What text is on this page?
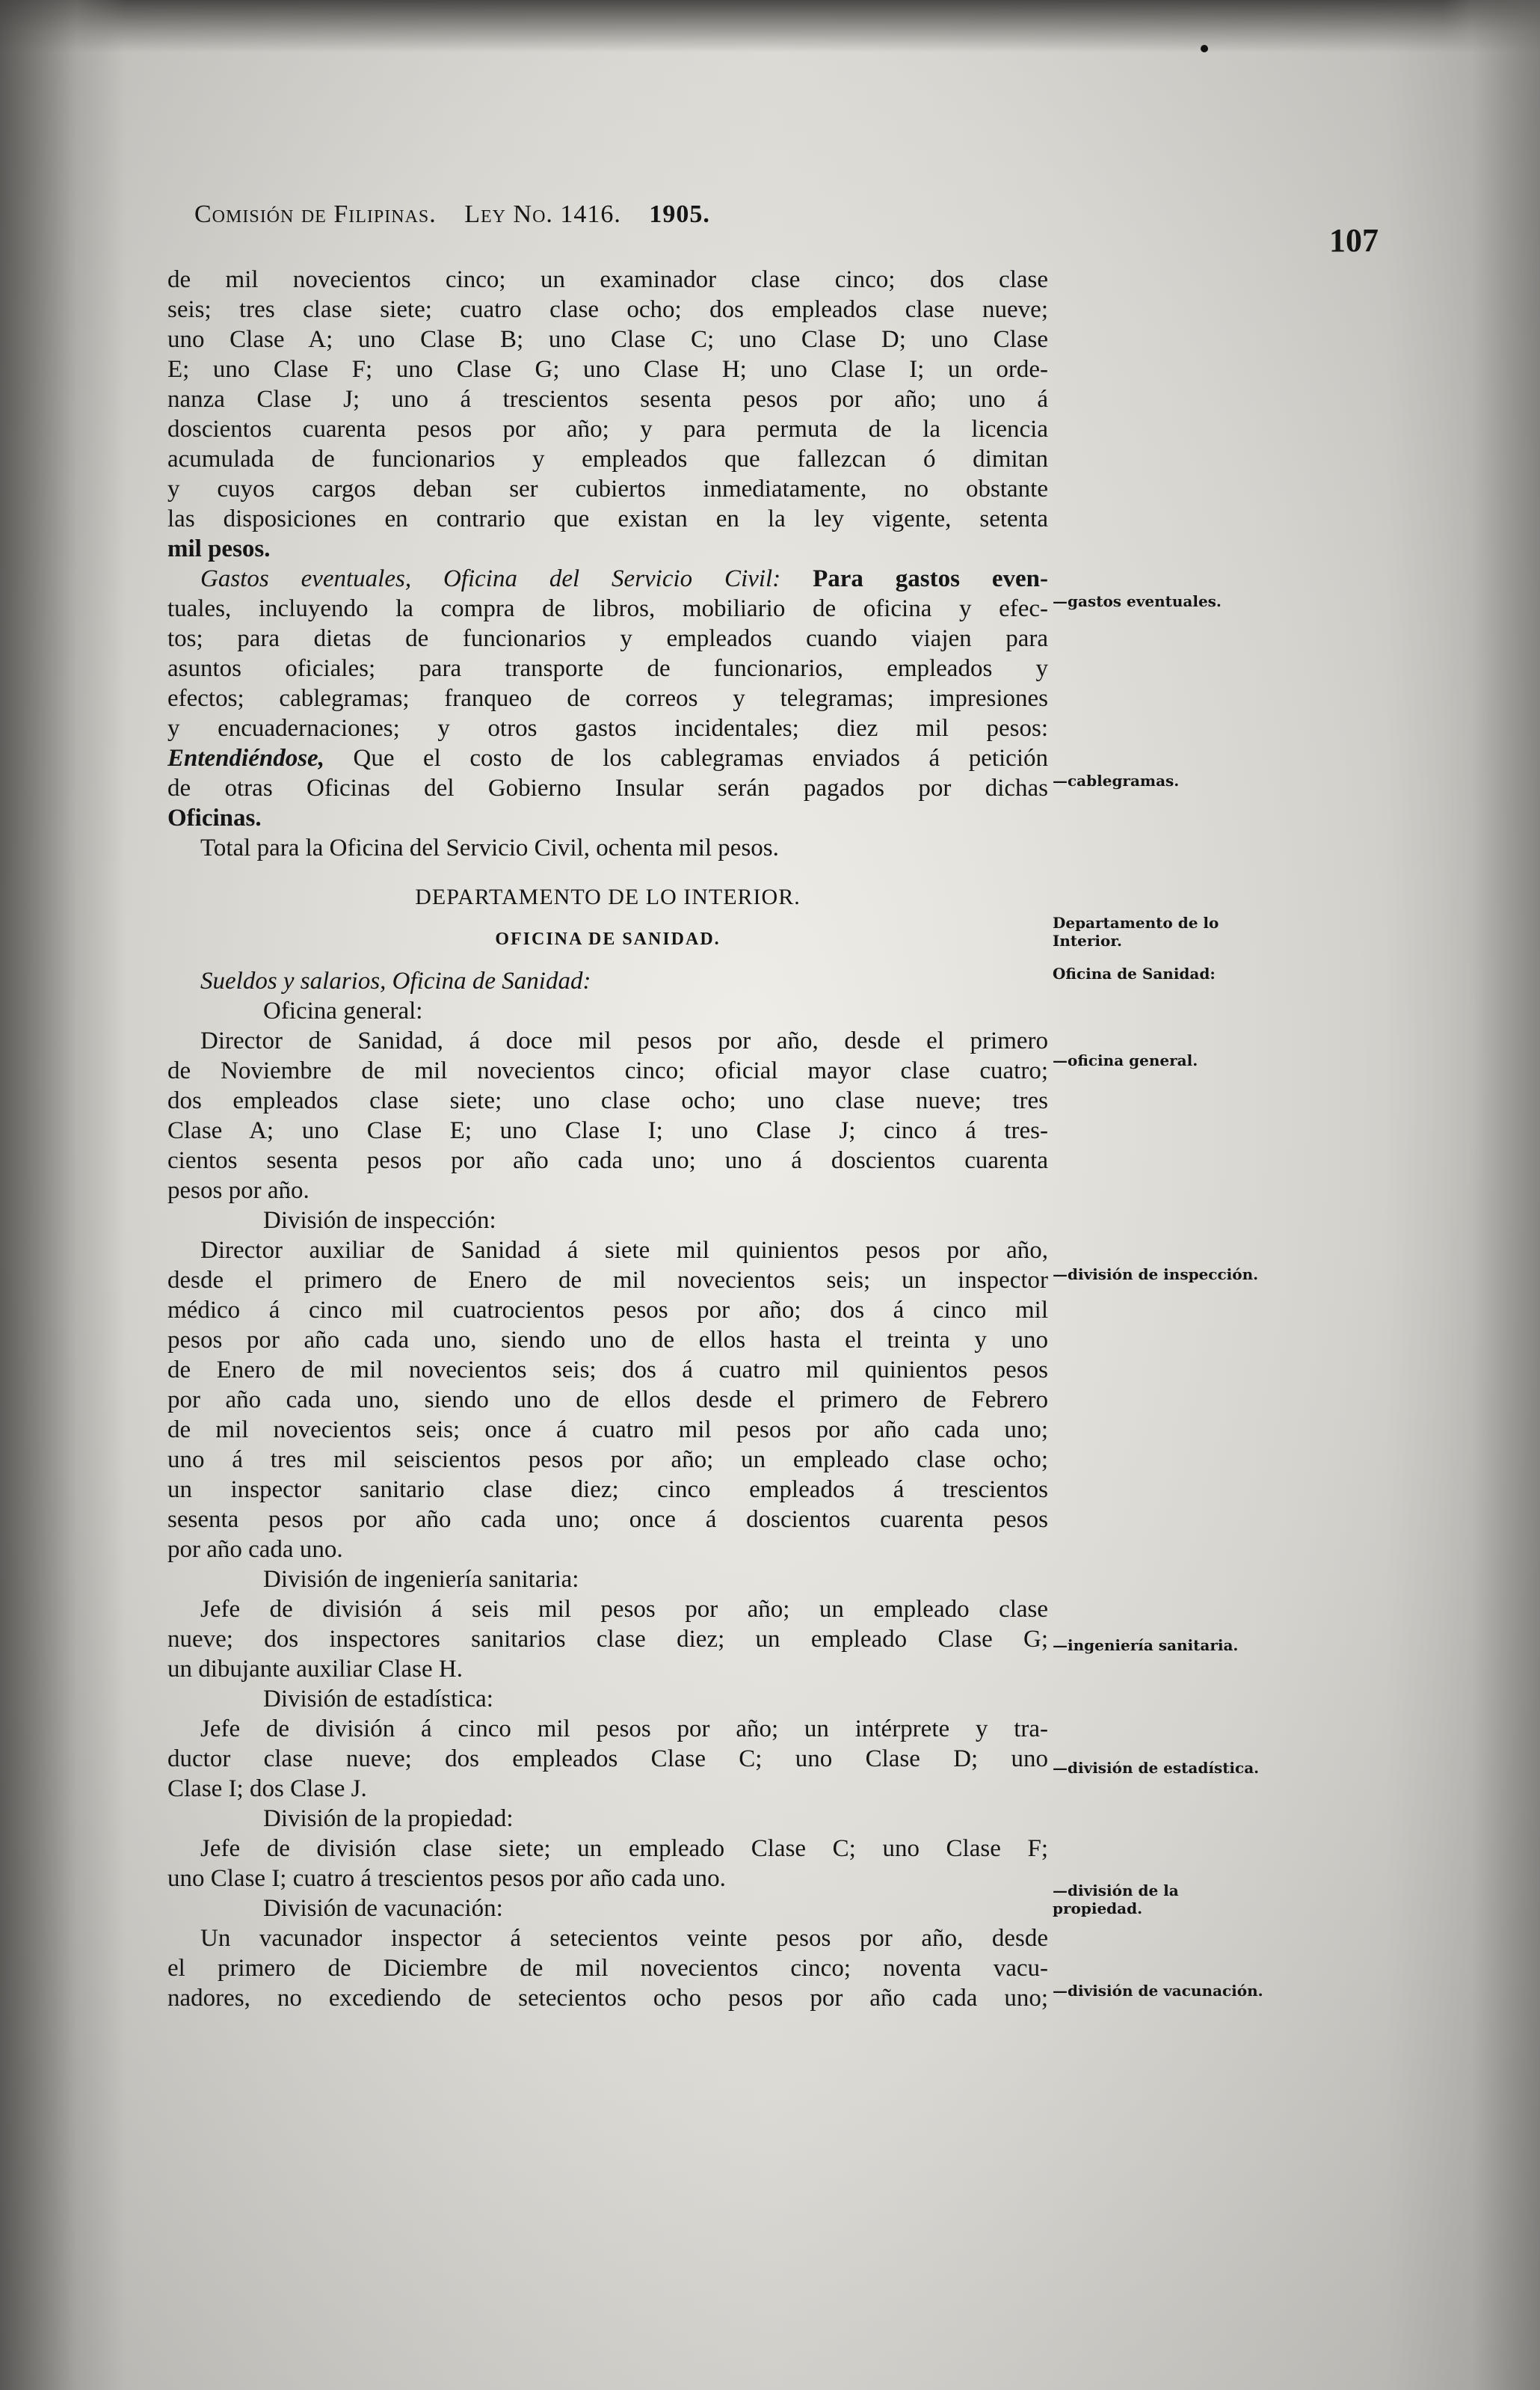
Comisión de Filipinas. Ley No. 1416. 1905.
107
de mil novecientos cinco; un examinador clase cinco; dos clase
seis; tres clase siete; cuatro clase ocho; dos empleados clase nueve;
uno Clase A; uno Clase B; uno Clase C; uno Clase D; uno Clase
E; uno Clase F; uno Clase G; uno Clase H; uno Clase I; un orde-
nanza Clase J; uno á trescientos sesenta pesos por año; uno á
doscientos cuarenta pesos por año; y para permuta de la licencia
acumulada de funcionarios y empleados que fallezcan ó dimitan
y cuyos cargos deban ser cubiertos inmediatamente, no obstante
las disposiciones en contrario que existan en la ley vigente, setenta
mil pesos.
Gastos eventuales, Oficina del Servicio Civil: Para gastos even-
tuales, incluyendo la compra de libros, mobiliario de oficina y efec-
tos; para dietas de funcionarios y empleados cuando viajen para
asuntos oficiales; para transporte de funcionarios, empleados y
efectos; cablegramas; franqueo de correos y telegramas; impresiones
y encuadernaciones; y otros gastos incidentales; diez mil pesos:
Entendiéndose, Que el costo de los cablegramas enviados á petición
de otras Oficinas del Gobierno Insular serán pagados por dichas
Oficinas.
Total para la Oficina del Servicio Civil, ochenta mil pesos.
DEPARTAMENTO DE LO INTERIOR.
OFICINA DE SANIDAD.
Sueldos y salarios, Oficina de Sanidad:
Oficina general:
Director de Sanidad, á doce mil pesos por año, desde el primero
de Noviembre de mil novecientos cinco; oficial mayor clase cuatro;
dos empleados clase siete; uno clase ocho; uno clase nueve; tres
Clase A; uno Clase E; uno Clase I; uno Clase J; cinco á tres-
cientos sesenta pesos por año cada uno; uno á doscientos cuarenta
pesos por año.
División de inspección:
Director auxiliar de Sanidad á siete mil quinientos pesos por año,
desde el primero de Enero de mil novecientos seis; un inspector
médico á cinco mil cuatrocientos pesos por año; dos á cinco mil
pesos por año cada uno, siendo uno de ellos hasta el treinta y uno
de Enero de mil novecientos seis; dos á cuatro mil quinientos pesos
por año cada uno, siendo uno de ellos desde el primero de Febrero
de mil novecientos seis; once á cuatro mil pesos por año cada uno;
uno á tres mil seiscientos pesos por año; un empleado clase ocho;
un inspector sanitario clase diez; cinco empleados á trescientos
sesenta pesos por año cada uno; once á doscientos cuarenta pesos
por año cada uno.
División de ingeniería sanitaria:
Jefe de división á seis mil pesos por año; un empleado clase
nueve; dos inspectores sanitarios clase diez; un empleado Clase G;
un dibujante auxiliar Clase H.
División de estadística:
Jefe de división á cinco mil pesos por año; un intérprete y tra-
ductor clase nueve; dos empleados Clase C; uno Clase D; uno
Clase I; dos Clase J.
División de la propiedad:
Jefe de división clase siete; un empleado Clase C; uno Clase F;
uno Clase I; cuatro á trescientos pesos por año cada uno.
División de vacunación:
Un vacunador inspector á setecientos veinte pesos por año, desde
el primero de Diciembre de mil novecientos cinco; noventa vacu-
nadores, no excediendo de setecientos ocho pesos por año cada uno;
—gastos eventuales.
—cablegramas.
Departamento de lo Interior.
Oficina de Sanidad:
—oficina general.
—división de inspección.
—ingeniería sanitaria.
—división de estadística.
—división de la propiedad.
—división de vacunación.
